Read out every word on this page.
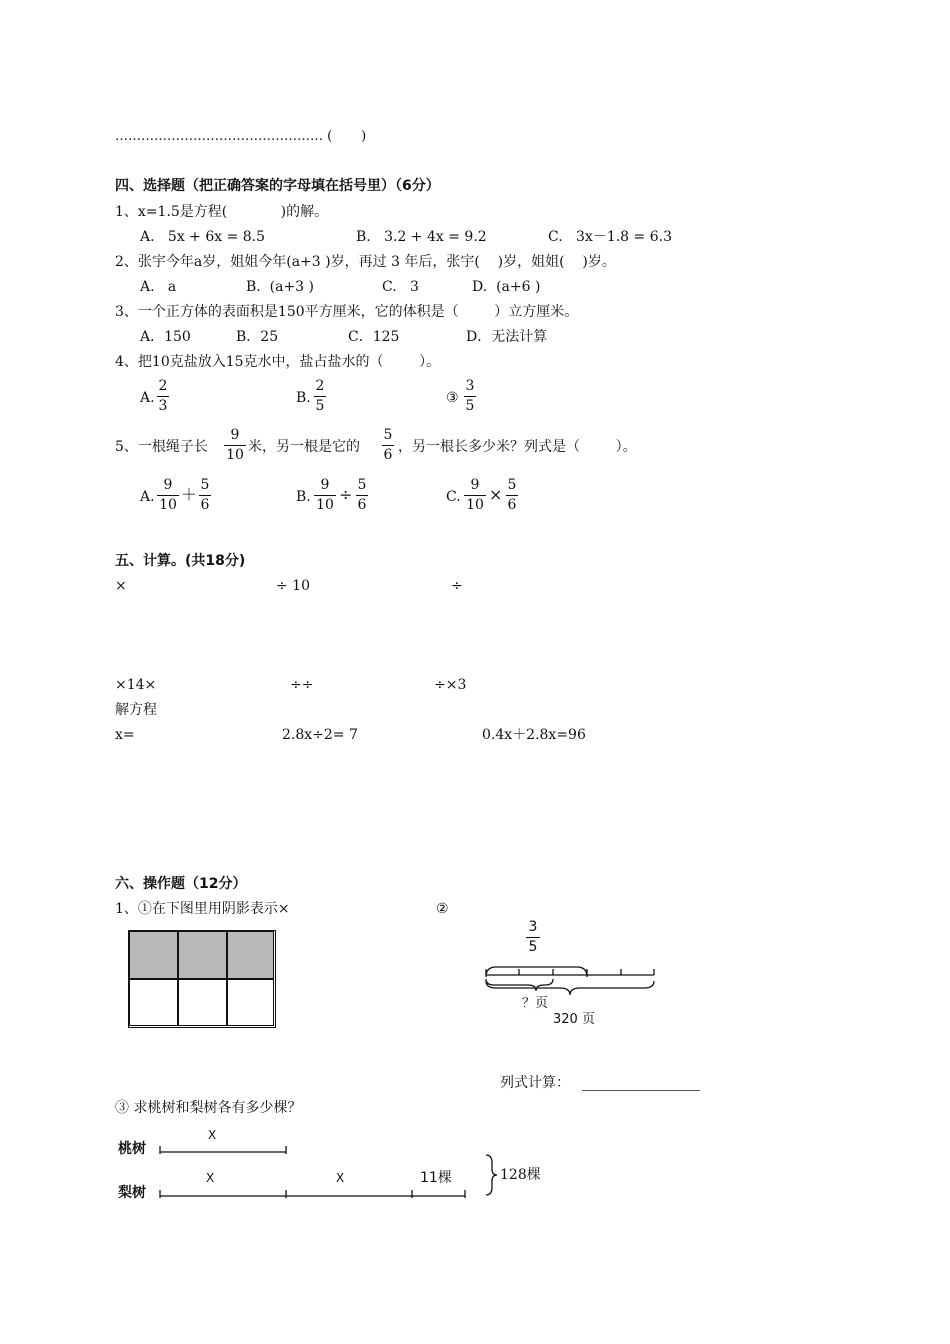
………………………………………… (       )
四、选择题（把正确答案的字母填在括号里）（6分）
1、x=1.5是方程(            )的解。
A.   5x + 6x = 8.5	B.   3.2 + 4x = 9.2	C.   3x－1.8 = 6.3
2、张宇今年a岁，姐姐今年(a+3 )岁，再过 3 年后，张宇(    )岁，姐姐(    )岁。
A.   a	B.  (a+3 )	C.   3	D.  (a+6 )
3、一个正方体的表面积是150平方厘米，它的体积是（        ）立方厘米。
A．150	B．25	C．125	D．无法计算
4、把10克盐放入15克水中，盐占盐水的（        ）。
A.
2
3	B.
2
5	③
3
5
5、一根绳子长
9
10 米，另一根是它的
5
6 ，另一根长多少米？列式是（        ）。
A.
9
10
＋ 5
6	B.
9
10
÷ 5
6	C.
9
10
× 5
6
五、计算。(共18分)
×	÷ 10	÷
×14×	÷÷	÷×3
解方程
x=	2.8x÷2= 7	0.4x＋2.8x=96
六、操作题（12分）
1、①在下图里用阴影表示×	②
3
5
？页
320 页
列式计算：
③ 求桃树和梨树各有多少棵？
桃树
梨树
X
X	X	11棵	128棵
